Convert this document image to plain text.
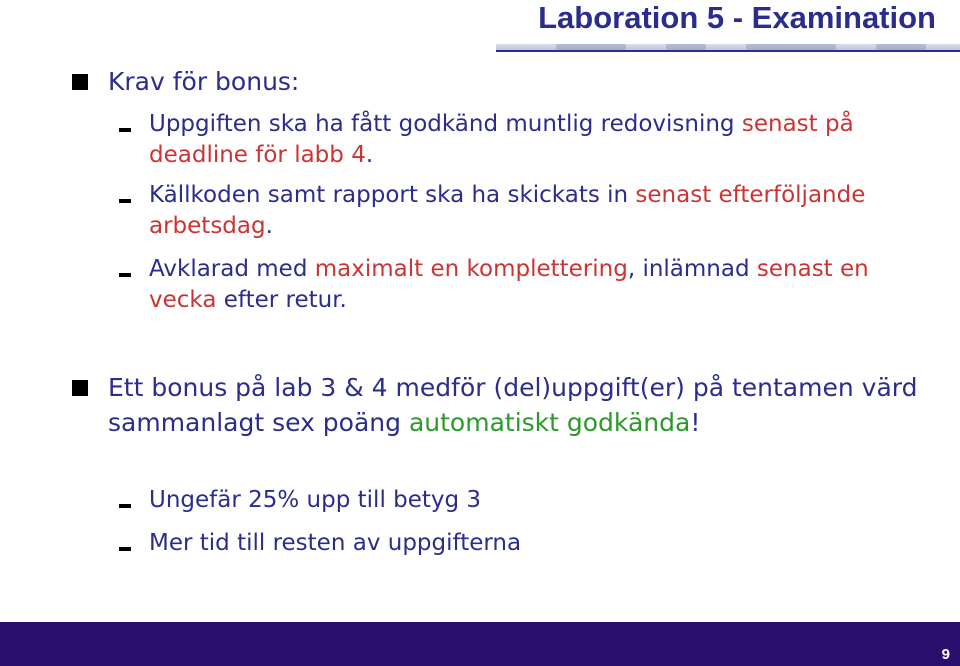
Laboration 5 - Examination

Krav för bonus:

Uppgiften ska ha fått godkänd muntlig redovisning senast på deadline för labb 4.

Källkoden samt rapport ska ha skickats in senast efterföljande arbetsdag.

Avklarad med maximalt en komplettering, inlämnad senast en vecka efter retur.

Ett bonus på lab 3 & 4 medför (del)uppgift(er) på tentamen värd sammanlagt sex poäng automatiskt godkända!

Ungefär 25% upp till betyg 3

Mer tid till resten av uppgifterna

9
